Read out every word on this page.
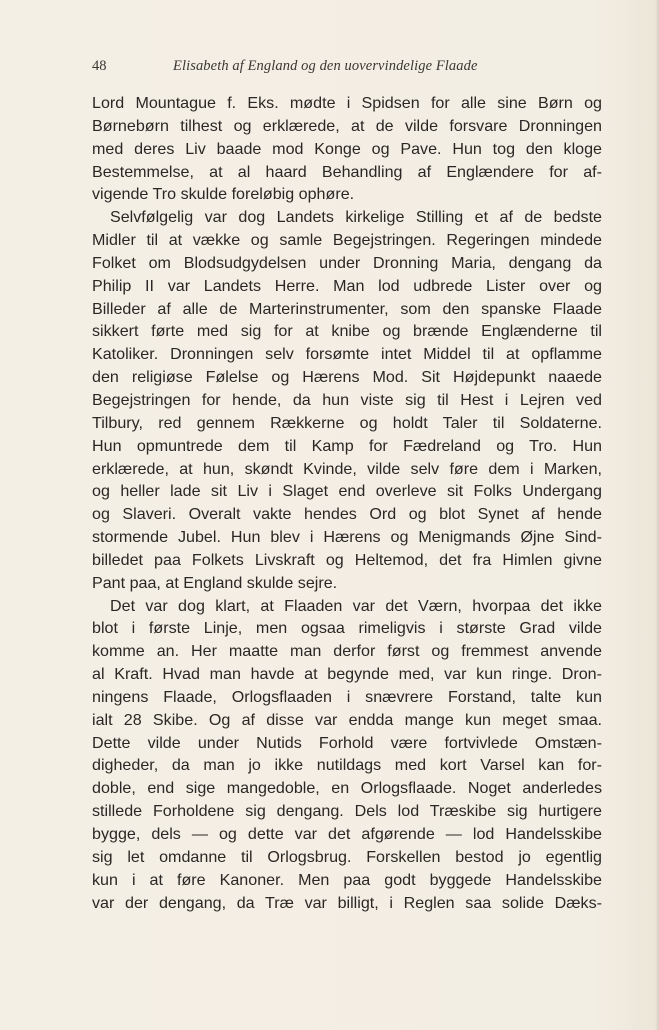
48	Elisabeth af England og den uovervindelige Flaade
Lord Mountague f. Eks. mødte i Spidsen for alle sine Børn og
Børnebørn tilhest og erklærede, at de vilde forsvare Dronningen
med deres Liv baade mod Konge og Pave. Hun tog den kloge
Bestemmelse, at al haard Behandling af Englændere for af-
vigende Tro skulde foreløbig ophøre.
Selvfølgelig var dog Landets kirkelige Stilling et af de bedste
Midler til at vække og samle Begejstringen. Regeringen mindede
Folket om Blodsudgydelsen under Dronning Maria, dengang da
Philip II var Landets Herre. Man lod udbrede Lister over og
Billeder af alle de Marterinstrumenter, som den spanske Flaade
sikkert førte med sig for at knibe og brænde Englænderne til
Katoliker. Dronningen selv forsømte intet Middel til at opflamme
den religiøse Følelse og Hærens Mod. Sit Højdepunkt naaede
Begejstringen for hende, da hun viste sig til Hest i Lejren ved
Tilbury, red gennem Rækkerne og holdt Taler til Soldaterne.
Hun opmuntrede dem til Kamp for Fædreland og Tro. Hun
erklærede, at hun, skøndt Kvinde, vilde selv føre dem i Marken,
og heller lade sit Liv i Slaget end overleve sit Folks Undergang
og Slaveri. Overalt vakte hendes Ord og blot Synet af hende
stormende Jubel. Hun blev i Hærens og Menigmands Øjne Sind-
billedet paa Folkets Livskraft og Heltemod, det fra Himlen givne
Pant paa, at England skulde sejre.
Det var dog klart, at Flaaden var det Værn, hvorpaa det ikke
blot i første Linje, men ogsaa rimeligvis i største Grad vilde
komme an. Her maatte man derfor først og fremmest anvende
al Kraft. Hvad man havde at begynde med, var kun ringe. Dron-
ningens Flaade, Orlogsflaaden i snævrere Forstand, talte kun
ialt 28 Skibe. Og af disse var endda mange kun meget smaa.
Dette vilde under Nutids Forhold være fortvivlede Omstæn-
digheder, da man jo ikke nutildags med kort Varsel kan for-
doble, end sige mangedoble, en Orlogsflaade. Noget anderledes
stillede Forholdene sig dengang. Dels lod Træskibe sig hurtigere
bygge, dels — og dette var det afgørende — lod Handelsskibe
sig let omdanne til Orlogsbrug. Forskellen bestod jo egentlig
kun i at føre Kanoner. Men paa godt byggede Handelsskibe
var der dengang, da Træ var billigt, i Reglen saa solide Dæks-
